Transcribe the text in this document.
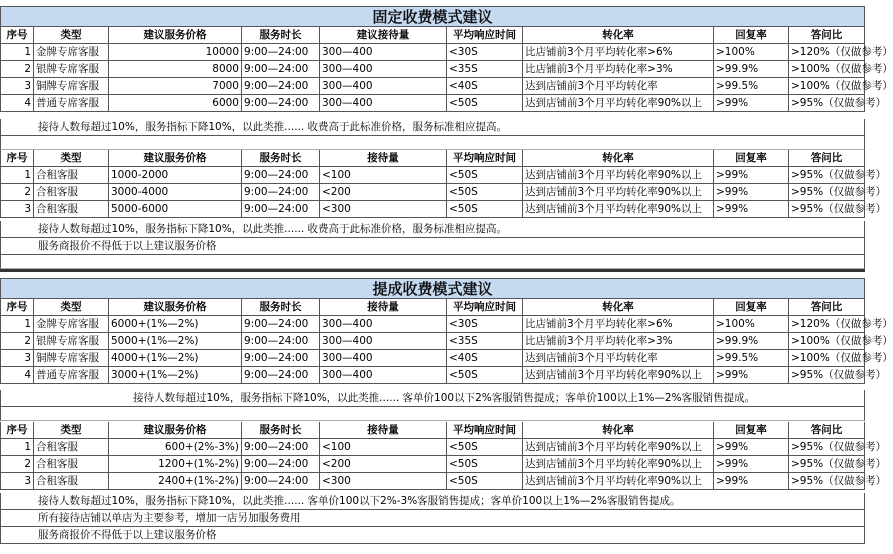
固定收费模式建议
序号	类型	建议服务价格	服务时长	建议接待量	平均响应时间	转化率	回复率	答问比
1 金牌专席客服	10000 9:00—24:00	300—400	<30S	比店铺前3个月平均转化率>6%	>100%	>120%（仅做参考）
2 银牌专席客服	8000 9:00—24:00	300—400	<35S	比店铺前3个月平均转化率>3%	>99.9%	>100%（仅做参考）
3 铜牌专席客服	7000 9:00—24:00	300—400	<40S	达到店铺前3个月平均转化率	>99.5%	>100%（仅做参考）
4 普通专席客服	6000 9:00—24:00	300—400	<50S	达到店铺前3个月平均转化率90%以上	>99%	>95%（仅做参考）
接待人数每超过10%，服务指标下降10%，以此类推...... 收费高于此标准价格，服务标准相应提高。
序号	类型	建议服务价格	服务时长	接待量	平均响应时间	转化率	回复率	答问比
1 合租客服	1000-2000	9:00—24:00	<100	<50S	达到店铺前3个月平均转化率90%以上	>99%	>95%（仅做参考）
2 合租客服	3000-4000	9:00—24:00	<200	<50S	达到店铺前3个月平均转化率90%以上	>99%	>95%（仅做参考）
3 合租客服	5000-6000	9:00—24:00	<300	<50S	达到店铺前3个月平均转化率90%以上	>99%	>95%（仅做参考）
接待人数每超过10%，服务指标下降10%，以此类推...... 收费高于此标准价格，服务标准相应提高。
服务商报价不得低于以上建议服务价格
提成收费模式建议
序号	类型	建议服务价格	服务时长	接待量	平均响应时间	转化率	回复率	答问比
1 金牌专席客服	6000+(1%—2%)	9:00—24:00	300—400	<30S	比店铺前3个月平均转化率>6%	>100%	>120%（仅做参考）
2 银牌专席客服	5000+(1%—2%)	9:00—24:00	300—400	<35S	比店铺前3个月平均转化率>3%	>99.9%	>100%（仅做参考）
3 铜牌专席客服	4000+(1%—2%)	9:00—24:00	300—400	<40S	达到店铺前3个月平均转化率	>99.5%	>100%（仅做参考）
4 普通专席客服	3000+(1%—2%)	9:00—24:00	300—400	<50S	达到店铺前3个月平均转化率90%以上	>99%	>95%（仅做参考）
接待人数每超过10%，服务指标下降10%，以此类推...... 客单价100以下2%客服销售提成；客单价100以上1%—2%客服销售提成。
序号	类型	建议服务价格	服务时长	接待量	平均响应时间	转化率	回复率	答问比
1 合租客服	600+(2%-3%) 9:00—24:00	<100	<50S	达到店铺前3个月平均转化率90%以上	>99%	>95%（仅做参考）
2 合租客服	1200+(1%-2%) 9:00—24:00	<200	<50S	达到店铺前3个月平均转化率90%以上	>99%	>95%（仅做参考）
3 合租客服	2400+(1%-2%) 9:00—24:00	<300	<50S	达到店铺前3个月平均转化率90%以上	>99%	>95%（仅做参考）
接待人数每超过10%，服务指标下降10%，以此类推...... 客单价100以下2%-3%客服销售提成；客单价100以上1%—2%客服销售提成。
所有接待店铺以单店为主要参考，增加一店另加服务费用
服务商报价不得低于以上建议服务价格
